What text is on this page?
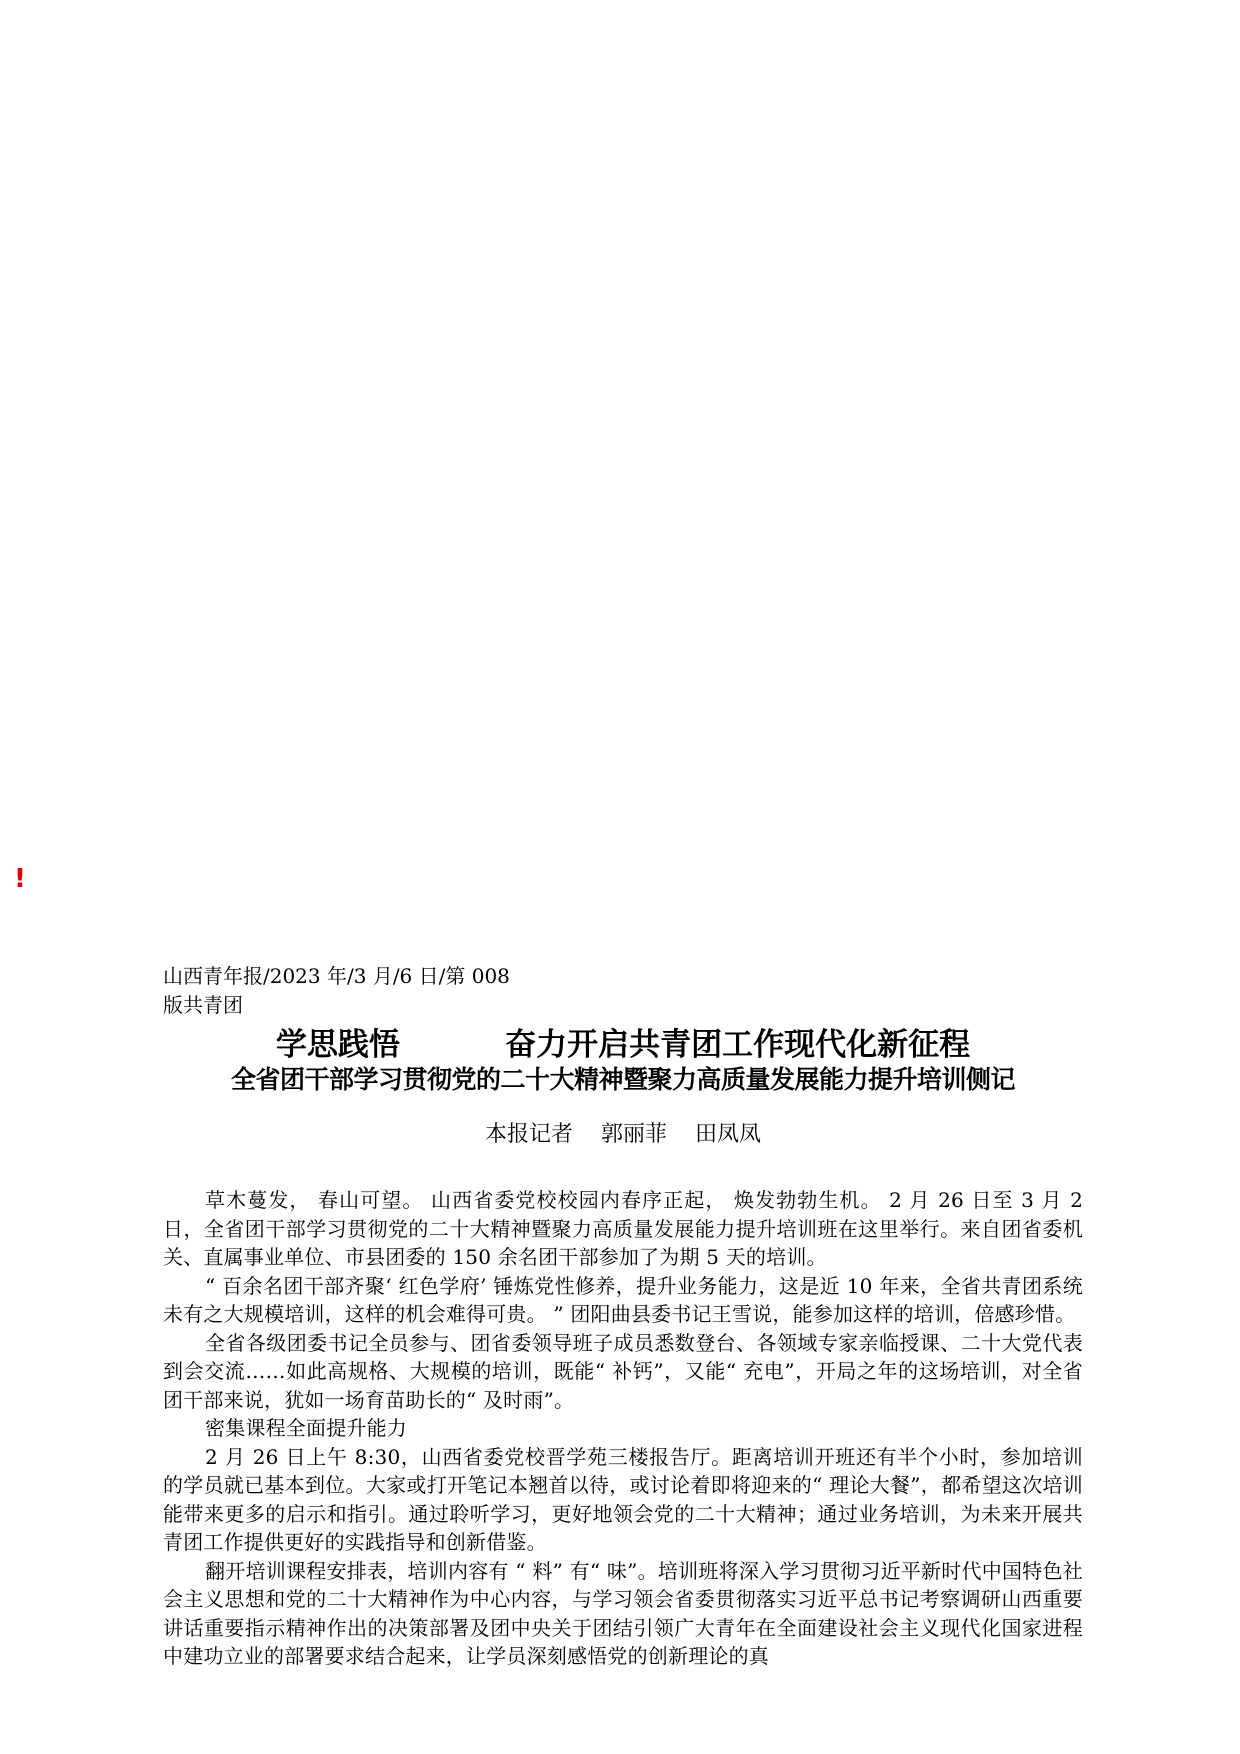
!

山西青年报/2023 年/3 月/6 日/第 008 版共青团

学思践悟    奋力开启共青团工作现代化新征程
全省团干部学习贯彻党的二十大精神暨聚力高质量发展能力提升培训侧记
本报记者    郭丽菲    田凤凤

草木蔓发， 春山可望。 山西省委党校校园内春序正起， 焕发勃勃生机。 2 月 26 日至 3 月 2 日，全省团干部学习贯彻党的二十大精神暨聚力高质量发展能力提升培训班在这里举行。来自团省委机关、直属事业单位、市县团委的 150 余名团干部参加了为期 5 天的培训。

“ 百余名团干部齐聚‘ 红色学府’ 锤炼党性修养，提升业务能力，这是近 10 年来，全省共青团系统未有之大规模培训，这样的机会难得可贵。 ” 团阳曲县委书记王雪说，能参加这样的培训，倍感珍惜。

全省各级团委书记全员参与、团省委领导班子成员悉数登台、各领域专家亲临授课、二十大党代表到会交流……如此高规格、大规模的培训，既能“ 补钙”，又能“ 充电”，开局之年的这场培训，对全省团干部来说，犹如一场育苗助长的“ 及时雨”。

密集课程全面提升能力

2 月 26 日上午 8:30，山西省委党校晋学苑三楼报告厅。距离培训开班还有半个小时，参加培训的学员就已基本到位。大家或打开笔记本翘首以待，或讨论着即将迎来的“ 理论大餐”，都希望这次培训能带来更多的启示和指引。通过聆听学习，更好地领会党的二十大精神；通过业务培训，为未来开展共青团工作提供更好的实践指导和创新借鉴。

翻开培训课程安排表，培训内容有 “ 料” 有“ 味”。培训班将深入学习贯彻习近平新时代中国特色社会主义思想和党的二十大精神作为中心内容，与学习领会省委贯彻落实习近平总书记考察调研山西重要讲话重要指示精神作出的决策部署及团中央关于团结引领广大青年在全面建设社会主义现代化国家进程中建功立业的部署要求结合起来，让学员深刻感悟党的创新理论的真
